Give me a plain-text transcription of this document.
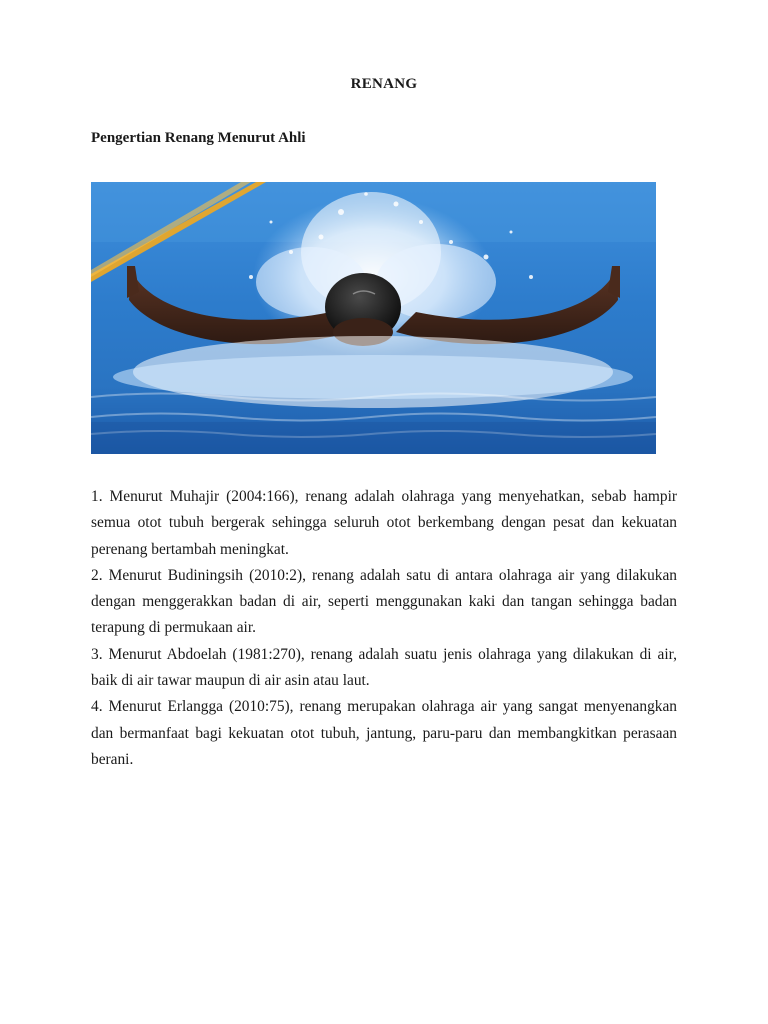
RENANG
Pengertian Renang Menurut Ahli
1. Menurut Muhajir (2004:166), renang adalah olahraga yang menyehatkan, sebab hampir semua otot tubuh bergerak sehingga seluruh otot berkembang dengan pesat dan kekuatan perenang bertambah meningkat.
2. Menurut Budiningsih (2010:2), renang adalah satu di antara olahraga air yang dilakukan dengan menggerakkan badan di air, seperti menggunakan kaki dan tangan sehingga badan terapung di permukaan air.
3. Menurut Abdoelah (1981:270), renang adalah suatu jenis olahraga yang dilakukan di air, baik di air tawar maupun di air asin atau laut.
4. Menurut Erlangga (2010:75), renang merupakan olahraga air yang sangat menyenangkan dan bermanfaat bagi kekuatan otot tubuh, jantung, paru-paru dan membangkitkan perasaan berani.
